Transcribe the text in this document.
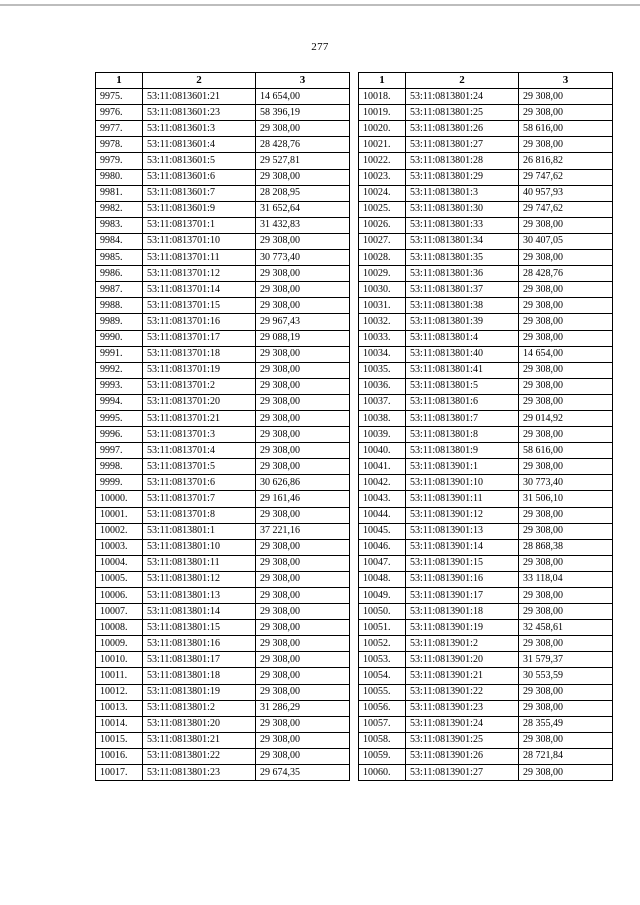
277
1	2	3
9975.	53:11:0813601:21	14 654,00
9976.	53:11:0813601:23	58 396,19
9977.	53:11:0813601:3	29 308,00
9978.	53:11:0813601:4	28 428,76
9979.	53:11:0813601:5	29 527,81
9980.	53:11:0813601:6	29 308,00
9981.	53:11:0813601:7	28 208,95
9982.	53:11:0813601:9	31 652,64
9983.	53:11:0813701:1	31 432,83
9984.	53:11:0813701:10	29 308,00
9985.	53:11:0813701:11	30 773,40
9986.	53:11:0813701:12	29 308,00
9987.	53:11:0813701:14	29 308,00
9988.	53:11:0813701:15	29 308,00
9989.	53:11:0813701:16	29 967,43
9990.	53:11:0813701:17	29 088,19
9991.	53:11:0813701:18	29 308,00
9992.	53:11:0813701:19	29 308,00
9993.	53:11:0813701:2	29 308,00
9994.	53:11:0813701:20	29 308,00
9995.	53:11:0813701:21	29 308,00
9996.	53:11:0813701:3	29 308,00
9997.	53:11:0813701:4	29 308,00
9998.	53:11:0813701:5	29 308,00
9999.	53:11:0813701:6	30 626,86
10000.	53:11:0813701:7	29 161,46
10001.	53:11:0813701:8	29 308,00
10002.	53:11:0813801:1	37 221,16
10003.	53:11:0813801:10	29 308,00
10004.	53:11:0813801:11	29 308,00
10005.	53:11:0813801:12	29 308,00
10006.	53:11:0813801:13	29 308,00
10007.	53:11:0813801:14	29 308,00
10008.	53:11:0813801:15	29 308,00
10009.	53:11:0813801:16	29 308,00
10010.	53:11:0813801:17	29 308,00
10011.	53:11:0813801:18	29 308,00
10012.	53:11:0813801:19	29 308,00
10013.	53:11:0813801:2	31 286,29
10014.	53:11:0813801:20	29 308,00
10015.	53:11:0813801:21	29 308,00
10016.	53:11:0813801:22	29 308,00
10017.	53:11:0813801:23	29 674,35
1	2	3
10018.	53:11:0813801:24	29 308,00
10019.	53:11:0813801:25	29 308,00
10020.	53:11:0813801:26	58 616,00
10021.	53:11:0813801:27	29 308,00
10022.	53:11:0813801:28	26 816,82
10023.	53:11:0813801:29	29 747,62
10024.	53:11:0813801:3	40 957,93
10025.	53:11:0813801:30	29 747,62
10026.	53:11:0813801:33	29 308,00
10027.	53:11:0813801:34	30 407,05
10028.	53:11:0813801:35	29 308,00
10029.	53:11:0813801:36	28 428,76
10030.	53:11:0813801:37	29 308,00
10031.	53:11:0813801:38	29 308,00
10032.	53:11:0813801:39	29 308,00
10033.	53:11:0813801:4	29 308,00
10034.	53:11:0813801:40	14 654,00
10035.	53:11:0813801:41	29 308,00
10036.	53:11:0813801:5	29 308,00
10037.	53:11:0813801:6	29 308,00
10038.	53:11:0813801:7	29 014,92
10039.	53:11:0813801:8	29 308,00
10040.	53:11:0813801:9	58 616,00
10041.	53:11:0813901:1	29 308,00
10042.	53:11:0813901:10	30 773,40
10043.	53:11:0813901:11	31 506,10
10044.	53:11:0813901:12	29 308,00
10045.	53:11:0813901:13	29 308,00
10046.	53:11:0813901:14	28 868,38
10047.	53:11:0813901:15	29 308,00
10048.	53:11:0813901:16	33 118,04
10049.	53:11:0813901:17	29 308,00
10050.	53:11:0813901:18	29 308,00
10051.	53:11:0813901:19	32 458,61
10052.	53:11:0813901:2	29 308,00
10053.	53:11:0813901:20	31 579,37
10054.	53:11:0813901:21	30 553,59
10055.	53:11:0813901:22	29 308,00
10056.	53:11:0813901:23	29 308,00
10057.	53:11:0813901:24	28 355,49
10058.	53:11:0813901:25	29 308,00
10059.	53:11:0813901:26	28 721,84
10060.	53:11:0813901:27	29 308,00
